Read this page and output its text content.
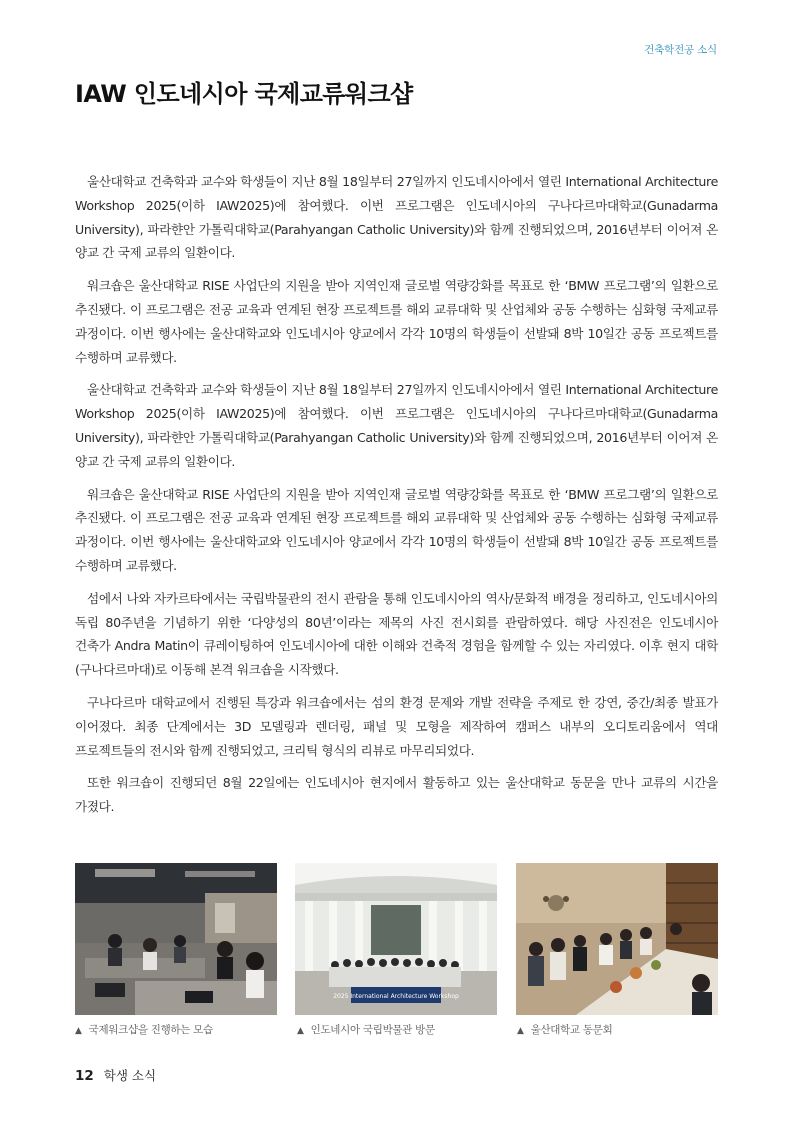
건축학전공 소식
IAW 인도네시아 국제교류워크샵

울산대학교 건축학과 교수와 학생들이 지난 8월 18일부터 27일까지 인도네시아에서 열린 International Architecture Workshop 2025(이하 IAW2025)에 참여했다. 이번 프로그램은 인도네시아의 구나다르마대학교(Gunadarma University), 파라햔안 가톨릭대학교(Parahyangan Catholic University)와 함께 진행되었으며, 2016년부터 이어져 온 양교 간 국제 교류의 일환이다.

워크숍은 울산대학교 RISE 사업단의 지원을 받아 지역인재 글로벌 역량강화를 목표로 한 ‘BMW 프로그램’의 일환으로 추진됐다. 이 프로그램은 전공 교육과 연계된 현장 프로젝트를 해외 교류대학 및 산업체와 공동 수행하는 심화형 국제교류 과정이다. 이번 행사에는 울산대학교와 인도네시아 양교에서 각각 10명의 학생들이 선발돼 8박 10일간 공동 프로젝트를 수행하며 교류했다.

울산대학교 건축학과 교수와 학생들이 지난 8월 18일부터 27일까지 인도네시아에서 열린 International Architecture Workshop 2025(이하 IAW2025)에 참여했다. 이번 프로그램은 인도네시아의 구나다르마대학교(Gunadarma University), 파라햔안 가톨릭대학교(Parahyangan Catholic University)와 함께 진행되었으며, 2016년부터 이어져 온 양교 간 국제 교류의 일환이다.

워크숍은 울산대학교 RISE 사업단의 지원을 받아 지역인재 글로벌 역량강화를 목표로 한 ‘BMW 프로그램’의 일환으로 추진됐다. 이 프로그램은 전공 교육과 연계된 현장 프로젝트를 해외 교류대학 및 산업체와 공동 수행하는 심화형 국제교류 과정이다. 이번 행사에는 울산대학교와 인도네시아 양교에서 각각 10명의 학생들이 선발돼 8박 10일간 공동 프로젝트를 수행하며 교류했다.

섬에서 나와 자카르타에서는 국립박물관의 전시 관람을 통해 인도네시아의 역사/문화적 배경을 정리하고, 인도네시아의 독립 80주년을 기념하기 위한 ‘다양성의 80년’이라는 제목의 사진 전시회를 관람하였다. 해당 사진전은 인도네시아 건축가 Andra Matin이 큐레이팅하여 인도네시아에 대한 이해와 건축적 경험을 함께할 수 있는 자리였다. 이후 현지 대학(구나다르마대)로 이동해 본격 워크숍을 시작했다.

구나다르마 대학교에서 진행된 특강과 워크숍에서는 섬의 환경 문제와 개발 전략을 주제로 한 강연, 중간/최종 발표가 이어졌다. 최종 단계에서는 3D 모델링과 렌더링, 패널 및 모형을 제작하여 캠퍼스 내부의 오디토리움에서 역대 프로젝트들의 전시와 함께 진행되었고, 크리틱 형식의 리뷰로 마무리되었다.

또한 워크숍이 진행되던 8월 22일에는 인도네시아 현지에서 활동하고 있는 울산대학교 동문을 만나 교류의 시간을 가졌다.

2025 International Architecture Workshop
▲ 국제워크샵을 진행하는 모습	▲ 인도네시아 국립박물관 방문	▲ 울산대학교 동문회
12 학생 소식
